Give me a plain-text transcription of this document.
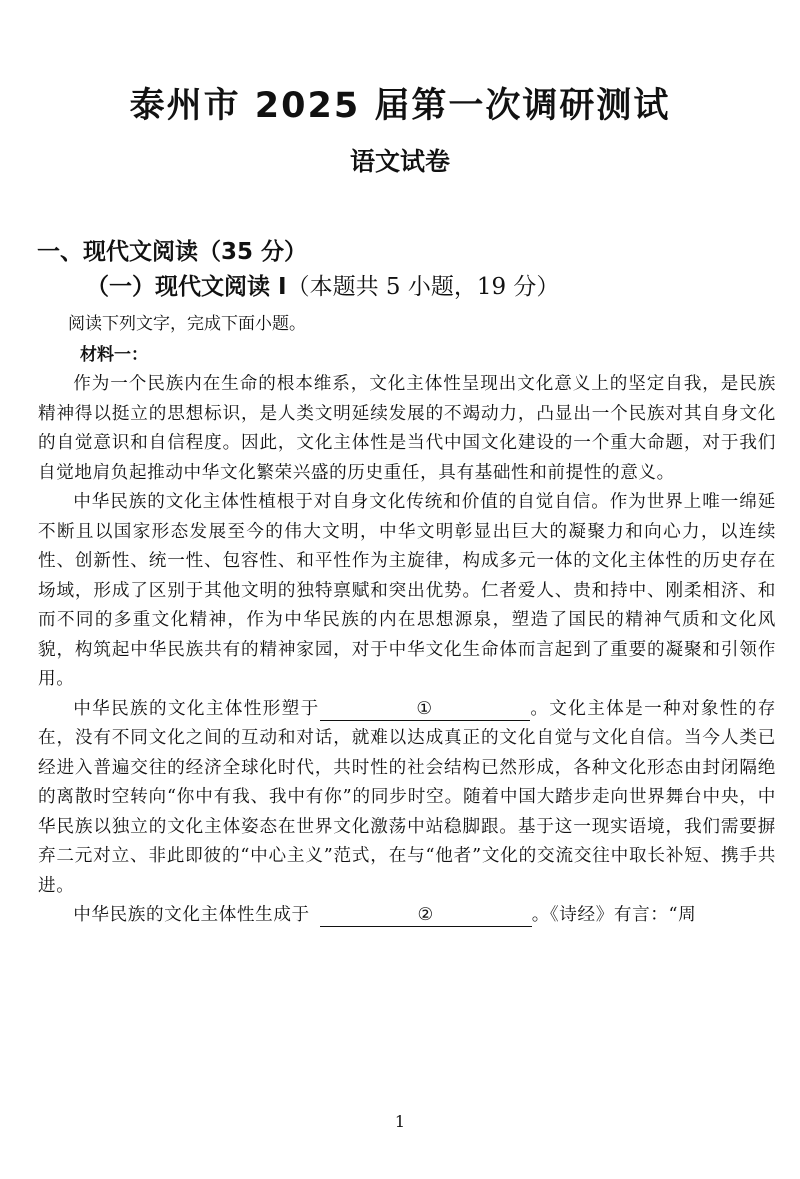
泰州市 2025 届第一次调研测试
语文试卷
一、现代文阅读（35 分）
（一）现代文阅读 I（本题共 5 小题，19 分）
阅读下列文字，完成下面小题。
材料一：

作为一个民族内在生命的根本维系，文化主体性呈现出文化意义上的坚定自我，是民族精神得以挺立的思想标识，是人类文明延续发展的不竭动力，凸显出一个民族对其自身文化的自觉意识和自信程度。因此，文化主体性是当代中国文化建设的一个重大命题，对于我们自觉地肩负起推动中华文化繁荣兴盛的历史重任，具有基础性和前提性的意义。

中华民族的文化主体性植根于对自身文化传统和价值的自觉自信。作为世界上唯一绵延不断且以国家形态发展至今的伟大文明，中华文明彰显出巨大的凝聚力和向心力，以连续性、创新性、统一性、包容性、和平性作为主旋律，构成多元一体的文化主体性的历史存在场域，形成了区别于其他文明的独特禀赋和突出优势。仁者爱人、贵和持中、刚柔相济、和而不同的多重文化精神，作为中华民族的内在思想源泉，塑造了国民的精神气质和文化风貌，构筑起中华民族共有的精神家园，对于中华文化生命体而言起到了重要的凝聚和引领作用。

中华民族的文化主体性形塑于	①	。文化主体是一种对象性的存在，没有不同文化之间的互动和对话，就难以达成真正的文化自觉与文化自信。当今人类已经进入普遍交往的经济全球化时代，共时性的社会结构已然形成，各种文化形态由封闭隔绝的离散时空转向“你中有我、我中有你”的同步时空。随着中国大踏步走向世界舞台中央，中华民族以独立的文化主体姿态在世界文化激荡中站稳脚跟。基于这一现实语境，我们需要摒弃二元对立、非此即彼的“中心主义”范式，在与“他者”文化的交流交往中取长补短、携手共进。

中华民族的文化主体性生成于	②	。《诗经》有言：“周

1
